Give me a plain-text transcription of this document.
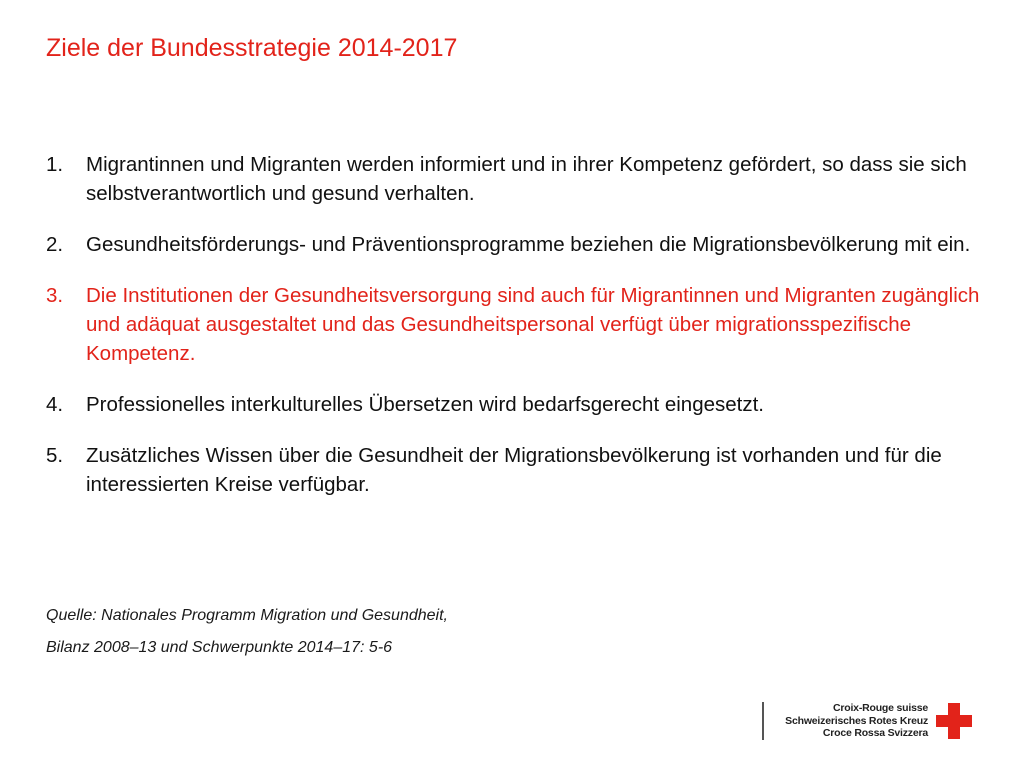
Ziele der Bundesstrategie 2014-2017
1. Migrantinnen und Migranten werden informiert und in ihrer Kompetenz gefördert, so dass sie sich selbstverantwortlich und gesund verhalten.
2. Gesundheitsförderungs- und Präventionsprogramme beziehen die Migrationsbevölkerung mit ein.
3. Die Institutionen der Gesundheitsversorgung sind auch für Migrantinnen und Migranten zugänglich und adäquat ausgestaltet und das Gesundheitspersonal verfügt über migrationsspezifische Kompetenz.
4. Professionelles interkulturelles Übersetzen wird bedarfsgerecht eingesetzt.
5. Zusätzliches Wissen über die Gesundheit der Migrationsbevölkerung ist vorhanden und für die interessierten Kreise verfügbar.
Quelle: Nationales Programm Migration und Gesundheit,
Bilanz 2008–13 und Schwerpunkte 2014–17: 5-6
Croix-Rouge suisse
Schweizerisches Rotes Kreuz
Croce Rossa Svizzera
